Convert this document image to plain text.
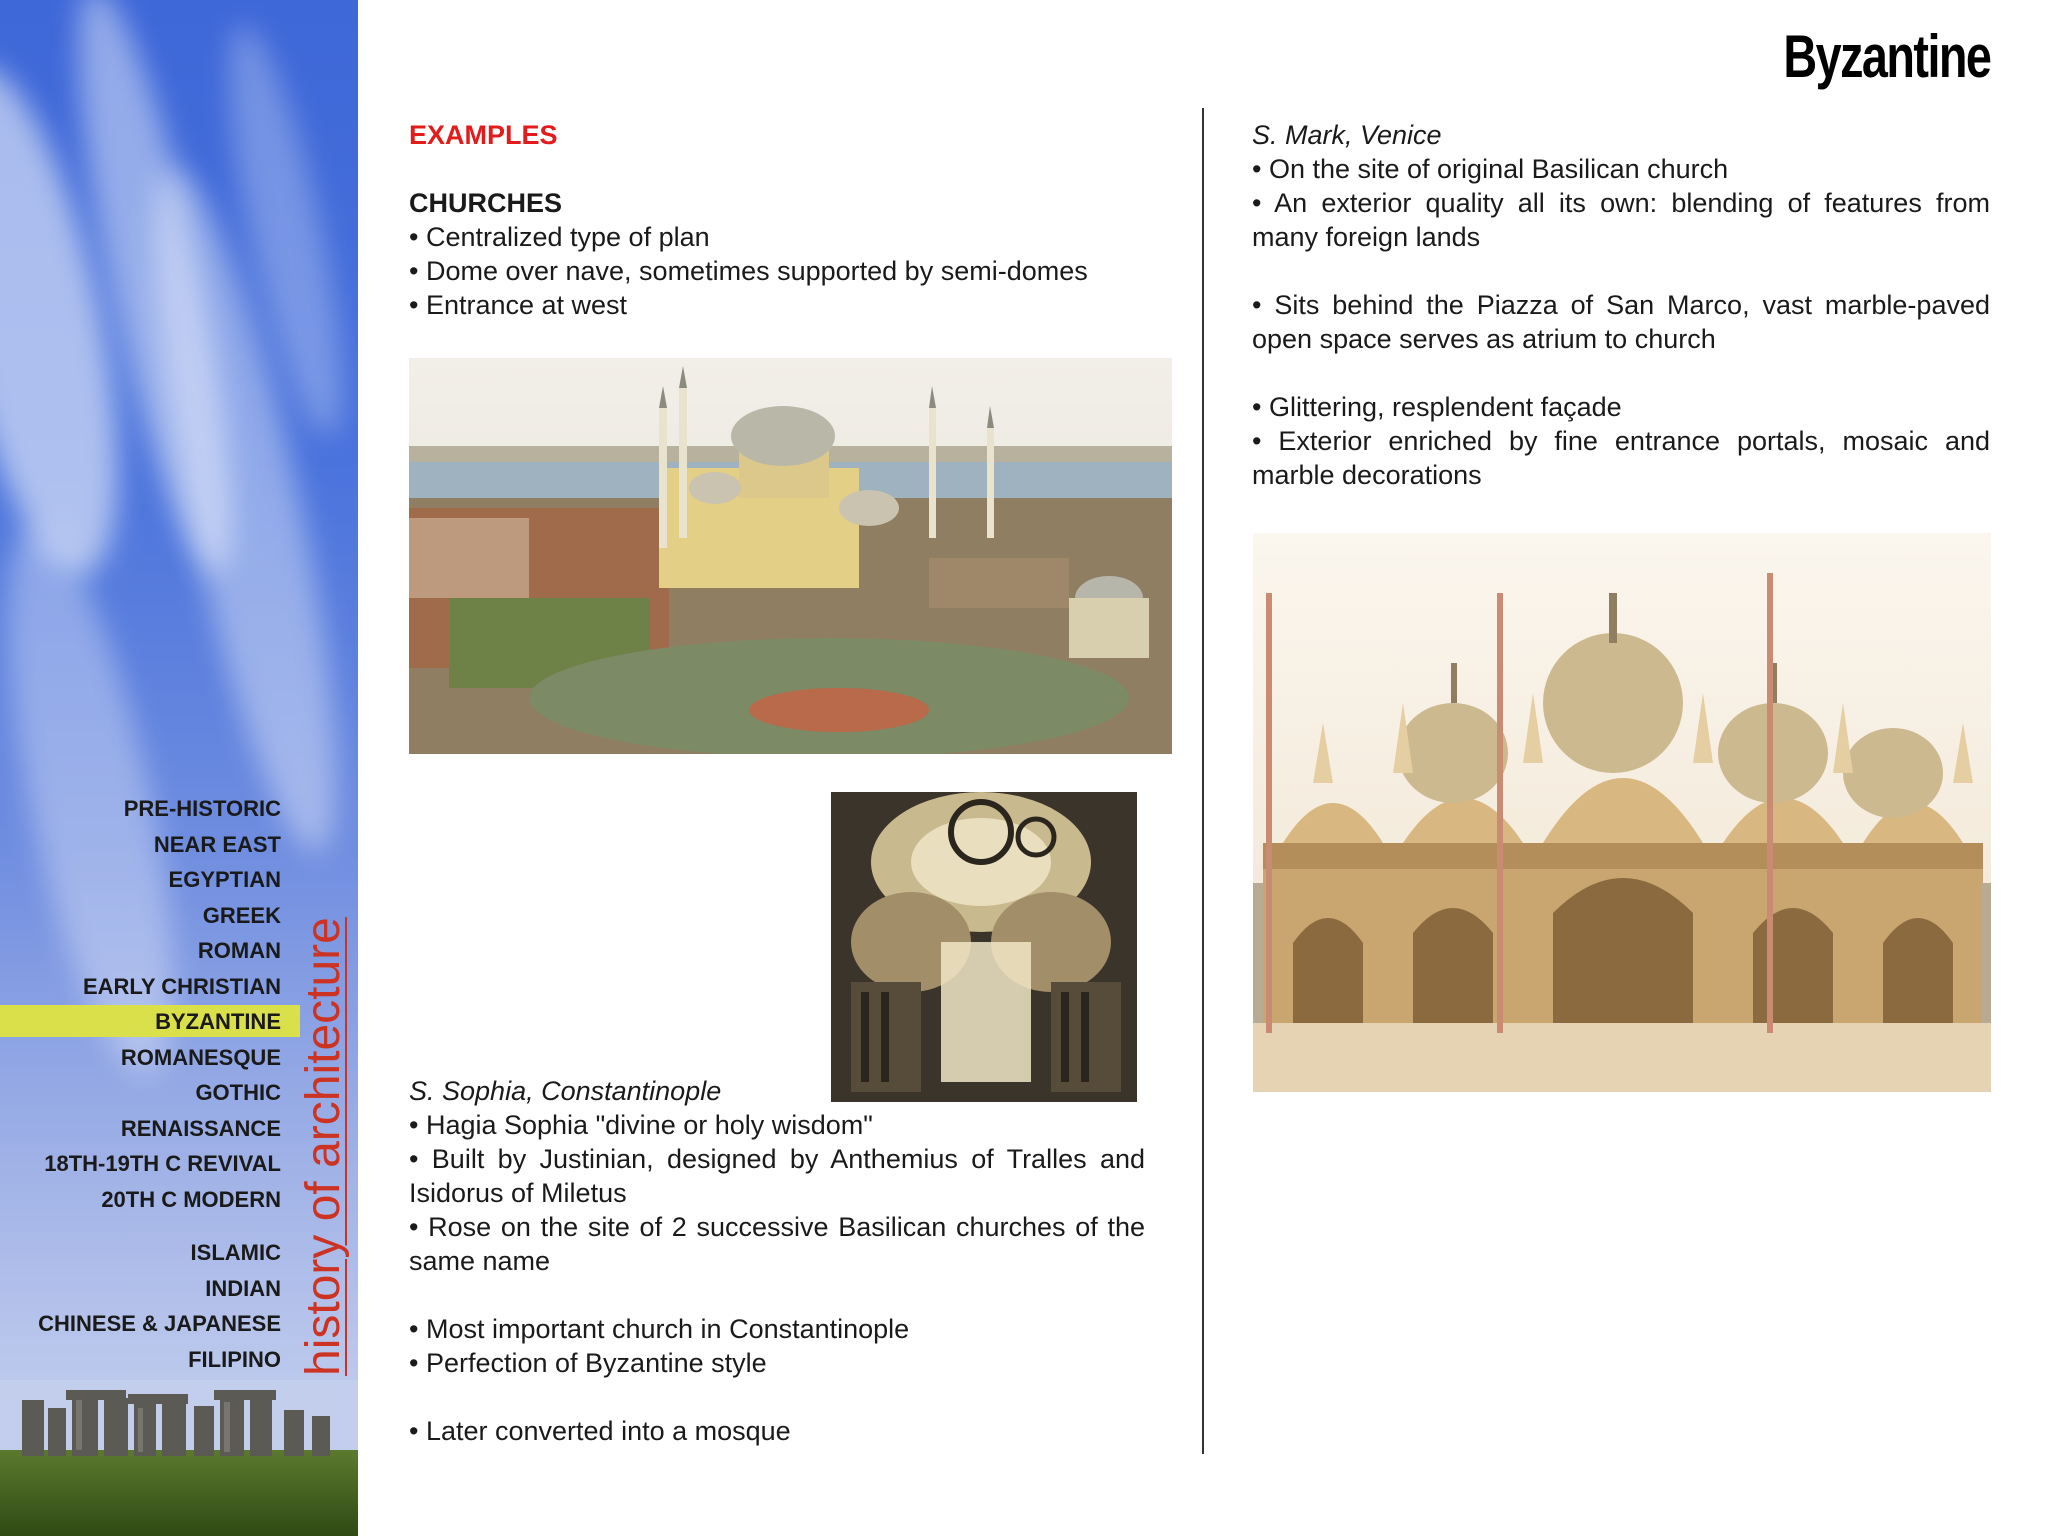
PRE-HISTORIC
NEAR EAST
EGYPTIAN
GREEK
ROMAN
EARLY CHRISTIAN
BYZANTINE
ROMANESQUE
GOTHIC
RENAISSANCE
18TH-19TH C REVIVAL
20TH C MODERN
ISLAMIC
INDIAN
CHINESE & JAPANESE
FILIPINO history of architecture
Byzantine

EXAMPLES

CHURCHES

• Centralized type of plan

• Dome over nave, sometimes supported by semi-domes

• Entrance at west

S. Sophia, Constantinople

• Hagia Sophia "divine or holy wisdom"

• Built by Justinian, designed by Anthemius of Tralles and Isidorus of Miletus

• Rose on the site of 2 successive Basilican churches of the same name

• Most important church in Constantinople

• Perfection of Byzantine style

• Later converted into a mosque

S. Mark, Venice

• On the site of original Basilican church

• An exterior quality all its own: blending of features from many foreign lands

• Sits behind the Piazza of San Marco, vast marble-paved open space serves as atrium to church

• Glittering, resplendent façade

• Exterior enriched by fine entrance portals, mosaic and marble decorations
